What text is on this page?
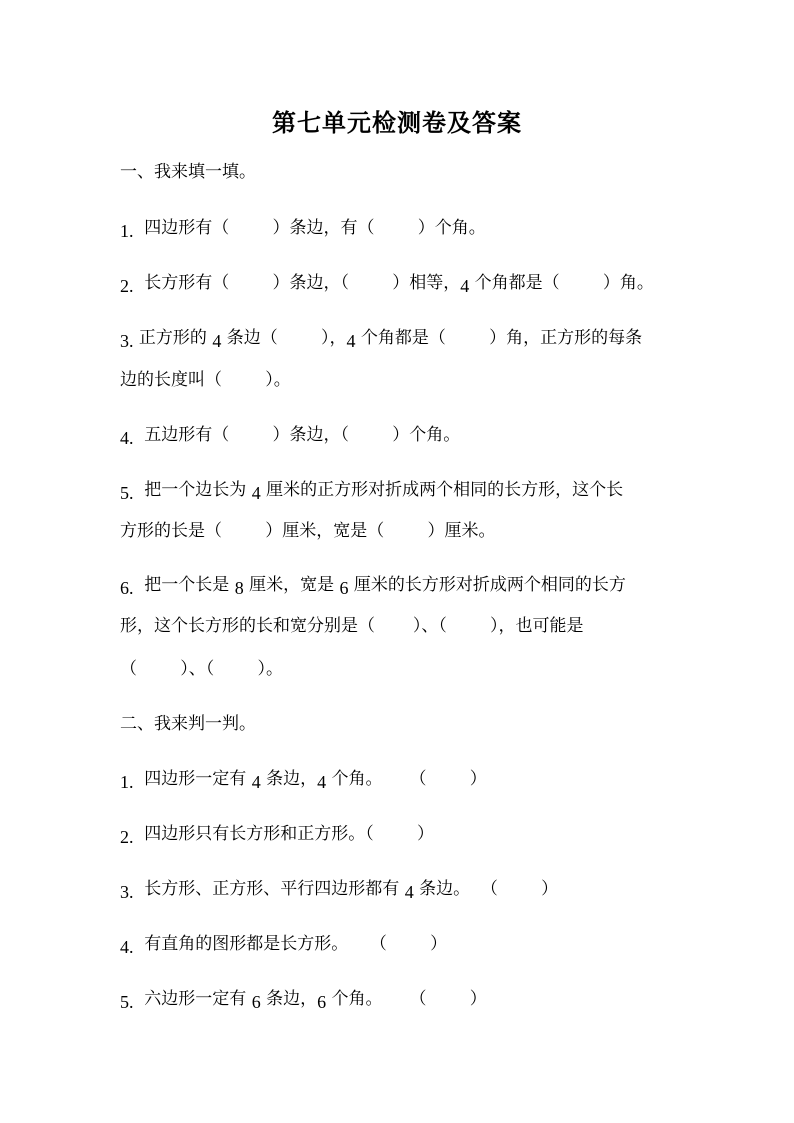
第七单元检测卷及答案
一、我来填一填。
1.  四边形有（        ）条边，有（        ）个角。
2.  长方形有（        ）条边，（        ）相等，4 个角都是（        ）角。
3. 正方形的 4 条边（        ），4 个角都是（        ）角，正方形的每条
边的长度叫（        ）。
4.  五边形有（        ）条边，（        ）个角。
5.  把一个边长为 4 厘米的正方形对折成两个相同的长方形，这个长
方形的长是（        ）厘米，宽是（        ）厘米。
6.  把一个长是 8 厘米，宽是 6 厘米的长方形对折成两个相同的长方
形，这个长方形的长和宽分别是（       ）、（        ），也可能是
（        ）、（        ）。
二、我来判一判。
1.  四边形一定有 4 条边，4 个角。     （        ）
2.  四边形只有长方形和正方形。（        ）
3.  长方形、正方形、平行四边形都有 4 条边。  （        ）
4.  有直角的图形都是长方形。    （        ）
5.  六边形一定有 6 条边，6 个角。     （        ）
